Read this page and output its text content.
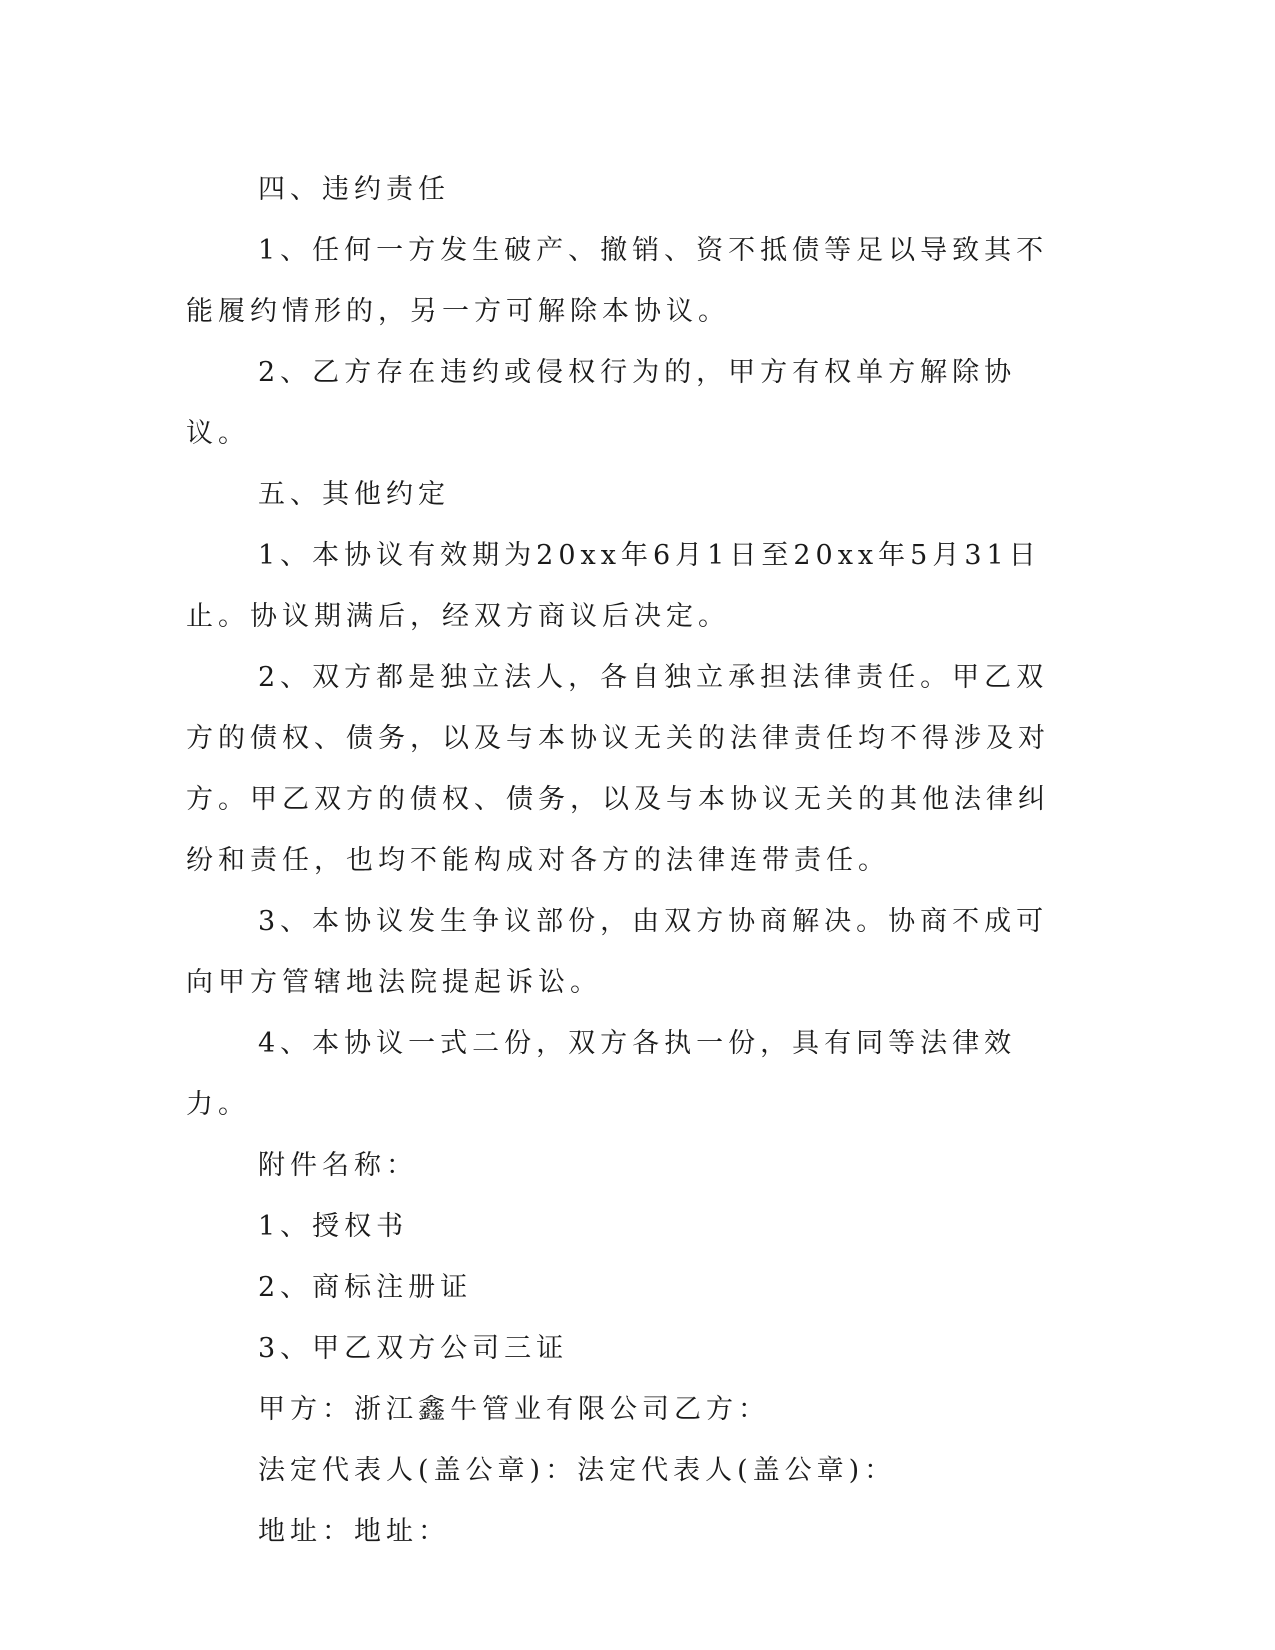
四、违约责任

1、任何一方发生破产、撤销、资不抵债等足以导致其不能履约情形的，另一方可解除本协议。

2、乙方存在违约或侵权行为的，甲方有权单方解除协议。

五、其他约定

1、本协议有效期为20xx年6月1日至20xx年5月31日止。协议期满后，经双方商议后决定。

2、双方都是独立法人，各自独立承担法律责任。甲乙双方的债权、债务，以及与本协议无关的法律责任均不得涉及对方。甲乙双方的债权、债务，以及与本协议无关的其他法律纠纷和责任，也均不能构成对各方的法律连带责任。

3、本协议发生争议部份，由双方协商解决。协商不成可向甲方管辖地法院提起诉讼。

4、本协议一式二份，双方各执一份，具有同等法律效力。

附件名称：

1、授权书

2、商标注册证

3、甲乙双方公司三证

甲方：浙江鑫牛管业有限公司乙方：

法定代表人(盖公章)：法定代表人(盖公章)：

地址：地址：
